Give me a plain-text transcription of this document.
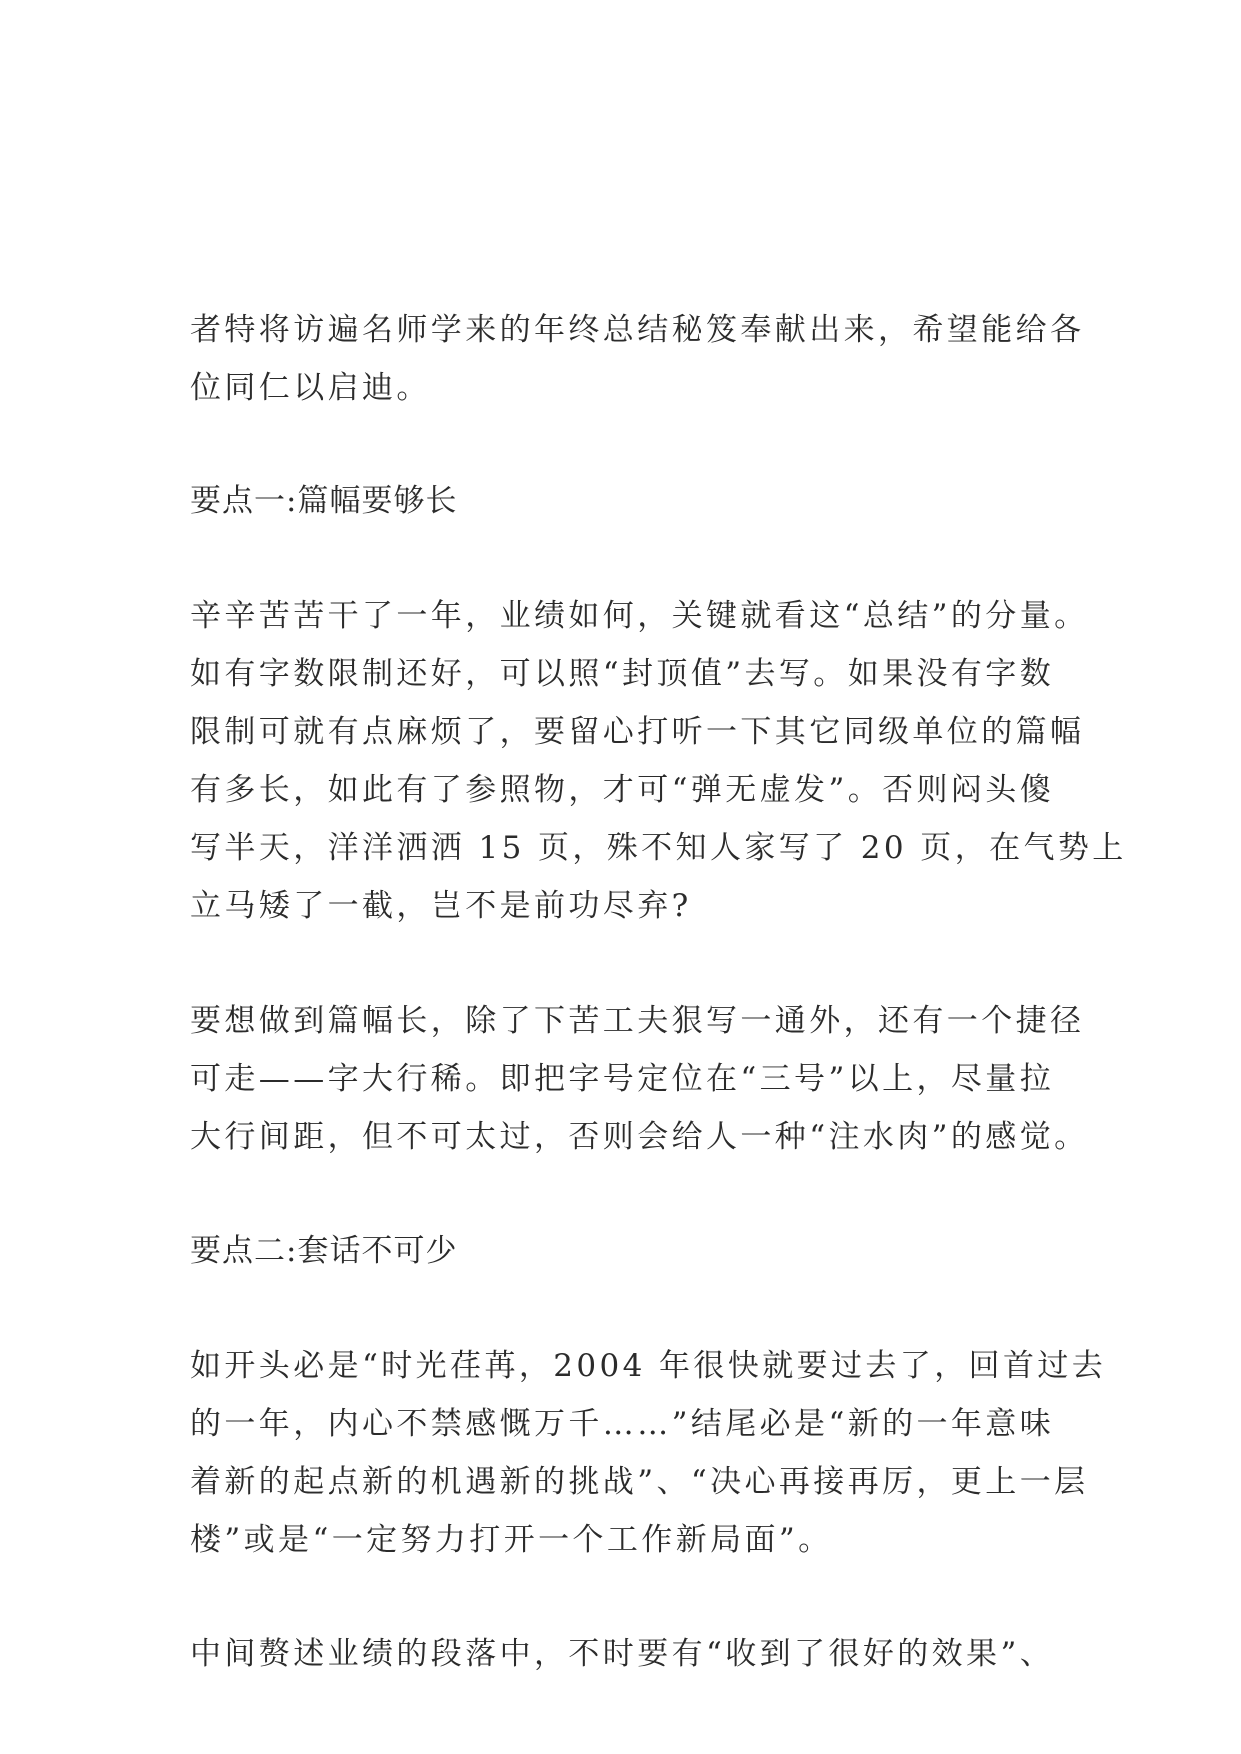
者特将访遍名师学来的年终总结秘笈奉献出来，希望能给各
位同仁以启迪。
要点一:篇幅要够长
辛辛苦苦干了一年，业绩如何，关键就看这“总结”的分量。
如有字数限制还好，可以照“封顶值”去写。如果没有字数
限制可就有点麻烦了，要留心打听一下其它同级单位的篇幅
有多长，如此有了参照物，才可“弹无虚发”。否则闷头傻
写半天，洋洋洒洒 15 页，殊不知人家写了 20 页，在气势上
立马矮了一截，岂不是前功尽弃?
要想做到篇幅长，除了下苦工夫狠写一通外，还有一个捷径
可走——字大行稀。即把字号定位在“三号”以上，尽量拉
大行间距，但不可太过，否则会给人一种“注水肉”的感觉。
要点二:套话不可少
如开头必是“时光荏苒，2004 年很快就要过去了，回首过去
的一年，内心不禁感慨万千……”结尾必是“新的一年意味
着新的起点新的机遇新的挑战”、“决心再接再厉，更上一层
楼”或是“一定努力打开一个工作新局面”。
中间赘述业绩的段落中，不时要有“收到了很好的效果”、
